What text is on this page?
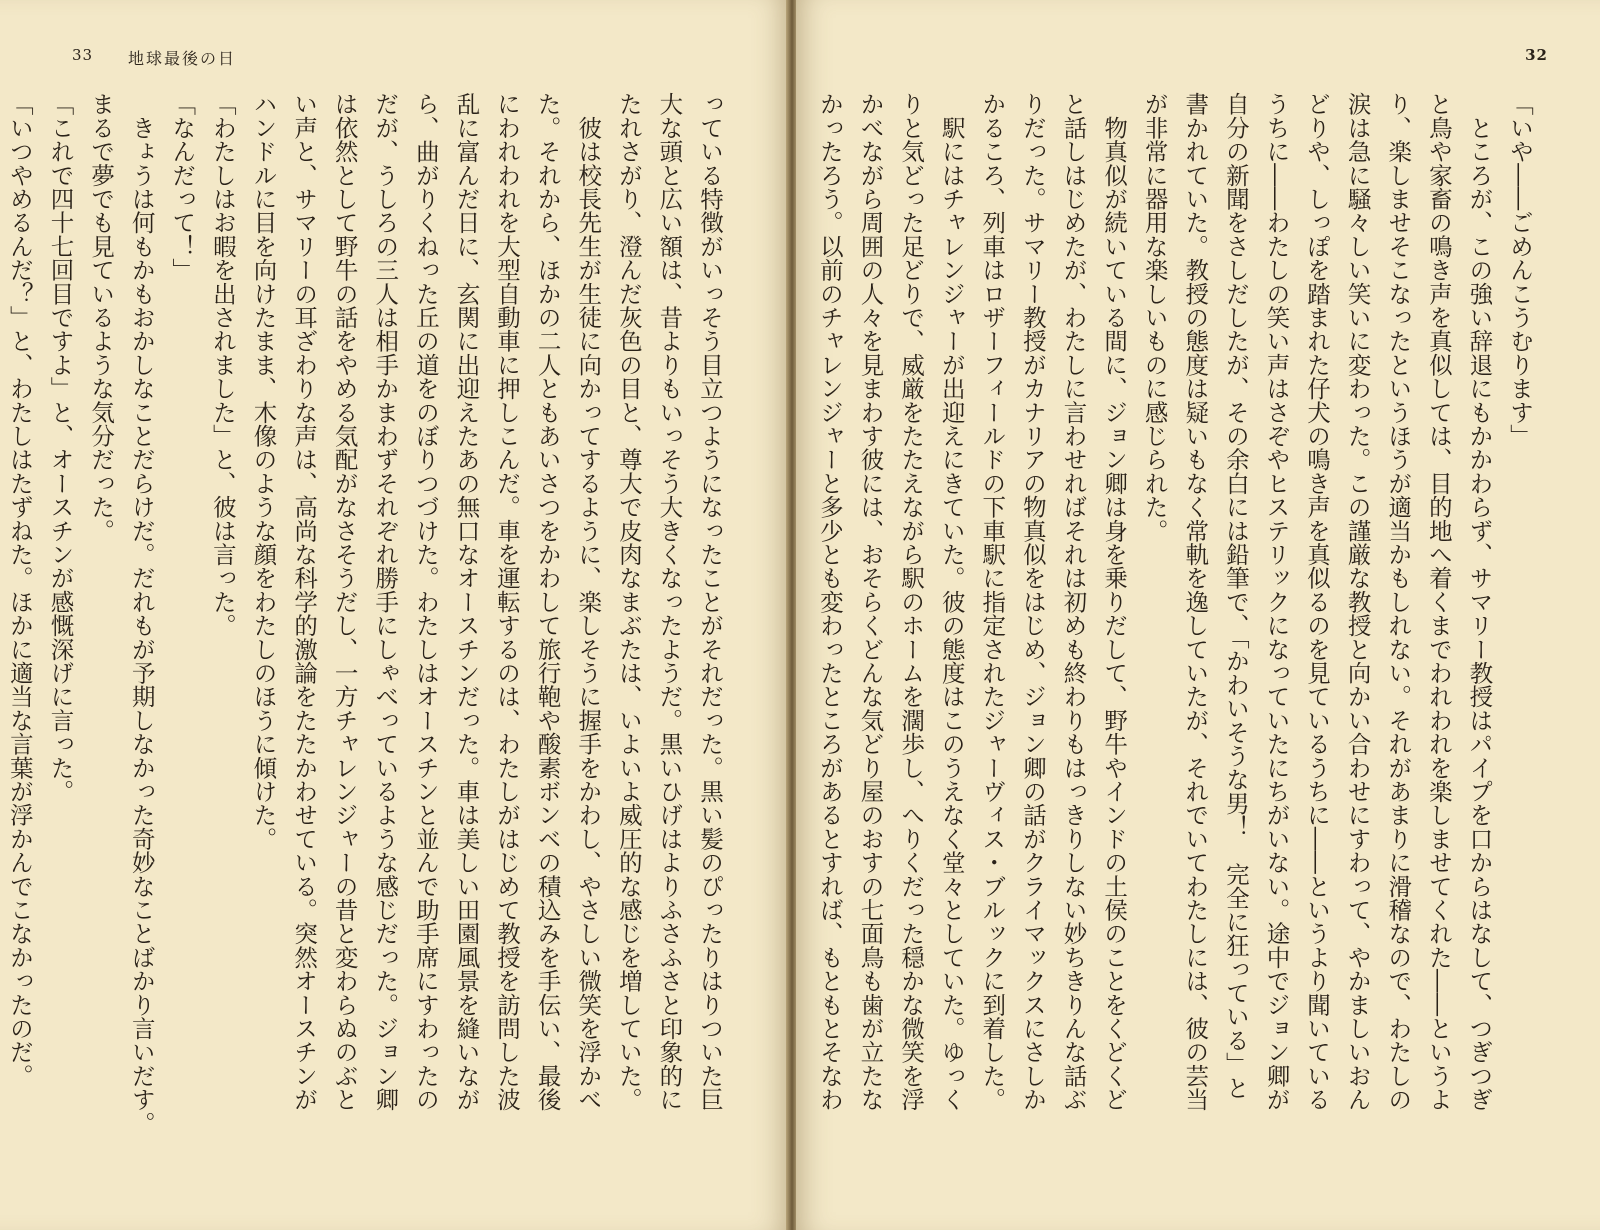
33 地球最後の日
っている特徴がいっそう目立つようになったことがそれだった。黒い髪のぴったりはりついた巨
大な頭と広い額は、昔よりもいっそう大きくなったようだ。黒いひげはよりふさふさと印象的に
たれさがり、澄んだ灰色の目と、尊大で皮肉なまぶたは、いよいよ威圧的な感じを増していた。
　彼は校長先生が生徒に向かってするように、楽しそうに握手をかわし、やさしい微笑を浮かべ
た。それから、ほかの二人ともあいさつをかわして旅行鞄や酸素ボンベの積込みを手伝い、最後
にわれわれを大型自動車に押しこんだ。車を運転するのは、わたしがはじめて教授を訪問した波
乱に富んだ日に、玄関に出迎えたあの無口なオースチンだった。車は美しい田園風景を縫いなが
ら、曲がりくねった丘の道をのぼりつづけた。わたしはオースチンと並んで助手席にすわったの
だが、うしろの三人は相手かまわずそれぞれ勝手にしゃべっているような感じだった。ジョン卿
は依然として野牛の話をやめる気配がなさそうだし、一方チャレンジャーの昔と変わらぬのぶと
い声と、サマリーの耳ざわりな声は、高尚な科学的激論をたたかわせている。突然オースチンが
ハンドルに目を向けたまま、木像のような顔をわたしのほうに傾けた。
「わたしはお暇を出されました」と、彼は言った。
「なんだって！」
　きょうは何もかもおかしなことだらけだ。だれもが予期しなかった奇妙なことばかり言いだす。
まるで夢でも見ているような気分だった。
「これで四十七回目ですよ」と、オースチンが感慨深げに言った。
「いつやめるんだ？」と、わたしはたずねた。ほかに適当な言葉が浮かんでこなかったのだ。
32
「いや――ごめんこうむります」
　ところが、この強い辞退にもかかわらず、サマリー教授はパイプを口からはなして、つぎつぎ
と鳥や家畜の鳴き声を真似しては、目的地へ着くまでわれわれを楽しませてくれた――というよ
り、楽しませそこなったというほうが適当かもしれない。それがあまりに滑稽なので、わたしの
涙は急に騒々しい笑いに変わった。この謹厳な教授と向かい合わせにすわって、やかましいおん
どりや、しっぽを踏まれた仔犬の鳴き声を真似るのを見ているうちに――というより聞いている
うちに――わたしの笑い声はさぞやヒステリックになっていたにちがいない。途中でジョン卿が
自分の新聞をさしだしたが、その余白には鉛筆で、「かわいそうな男！　完全に狂っている」と
書かれていた。教授の態度は疑いもなく常軌を逸していたが、それでいてわたしには、彼の芸当
が非常に器用な楽しいものに感じられた。
　物真似が続いている間に、ジョン卿は身を乗りだして、野牛やインドの土侯のことをくどくど
と話しはじめたが、わたしに言わせればそれは初めも終わりもはっきりしない妙ちきりんな話ぶ
りだった。サマリー教授がカナリアの物真似をはじめ、ジョン卿の話がクライマックスにさしか
かるころ、列車はロザーフィールドの下車駅に指定されたジャーヴィス・ブルックに到着した。
　駅にはチャレンジャーが出迎えにきていた。彼の態度はこのうえなく堂々としていた。ゆっく
りと気どった足どりで、威厳をたたえながら駅のホームを濶歩し、へりくだった穏かな微笑を浮
かべながら周囲の人々を見まわす彼には、おそらくどんな気どり屋のおすの七面鳥も歯が立たな
かったろう。以前のチャレンジャーと多少とも変わったところがあるとすれば、もともとそなわ
